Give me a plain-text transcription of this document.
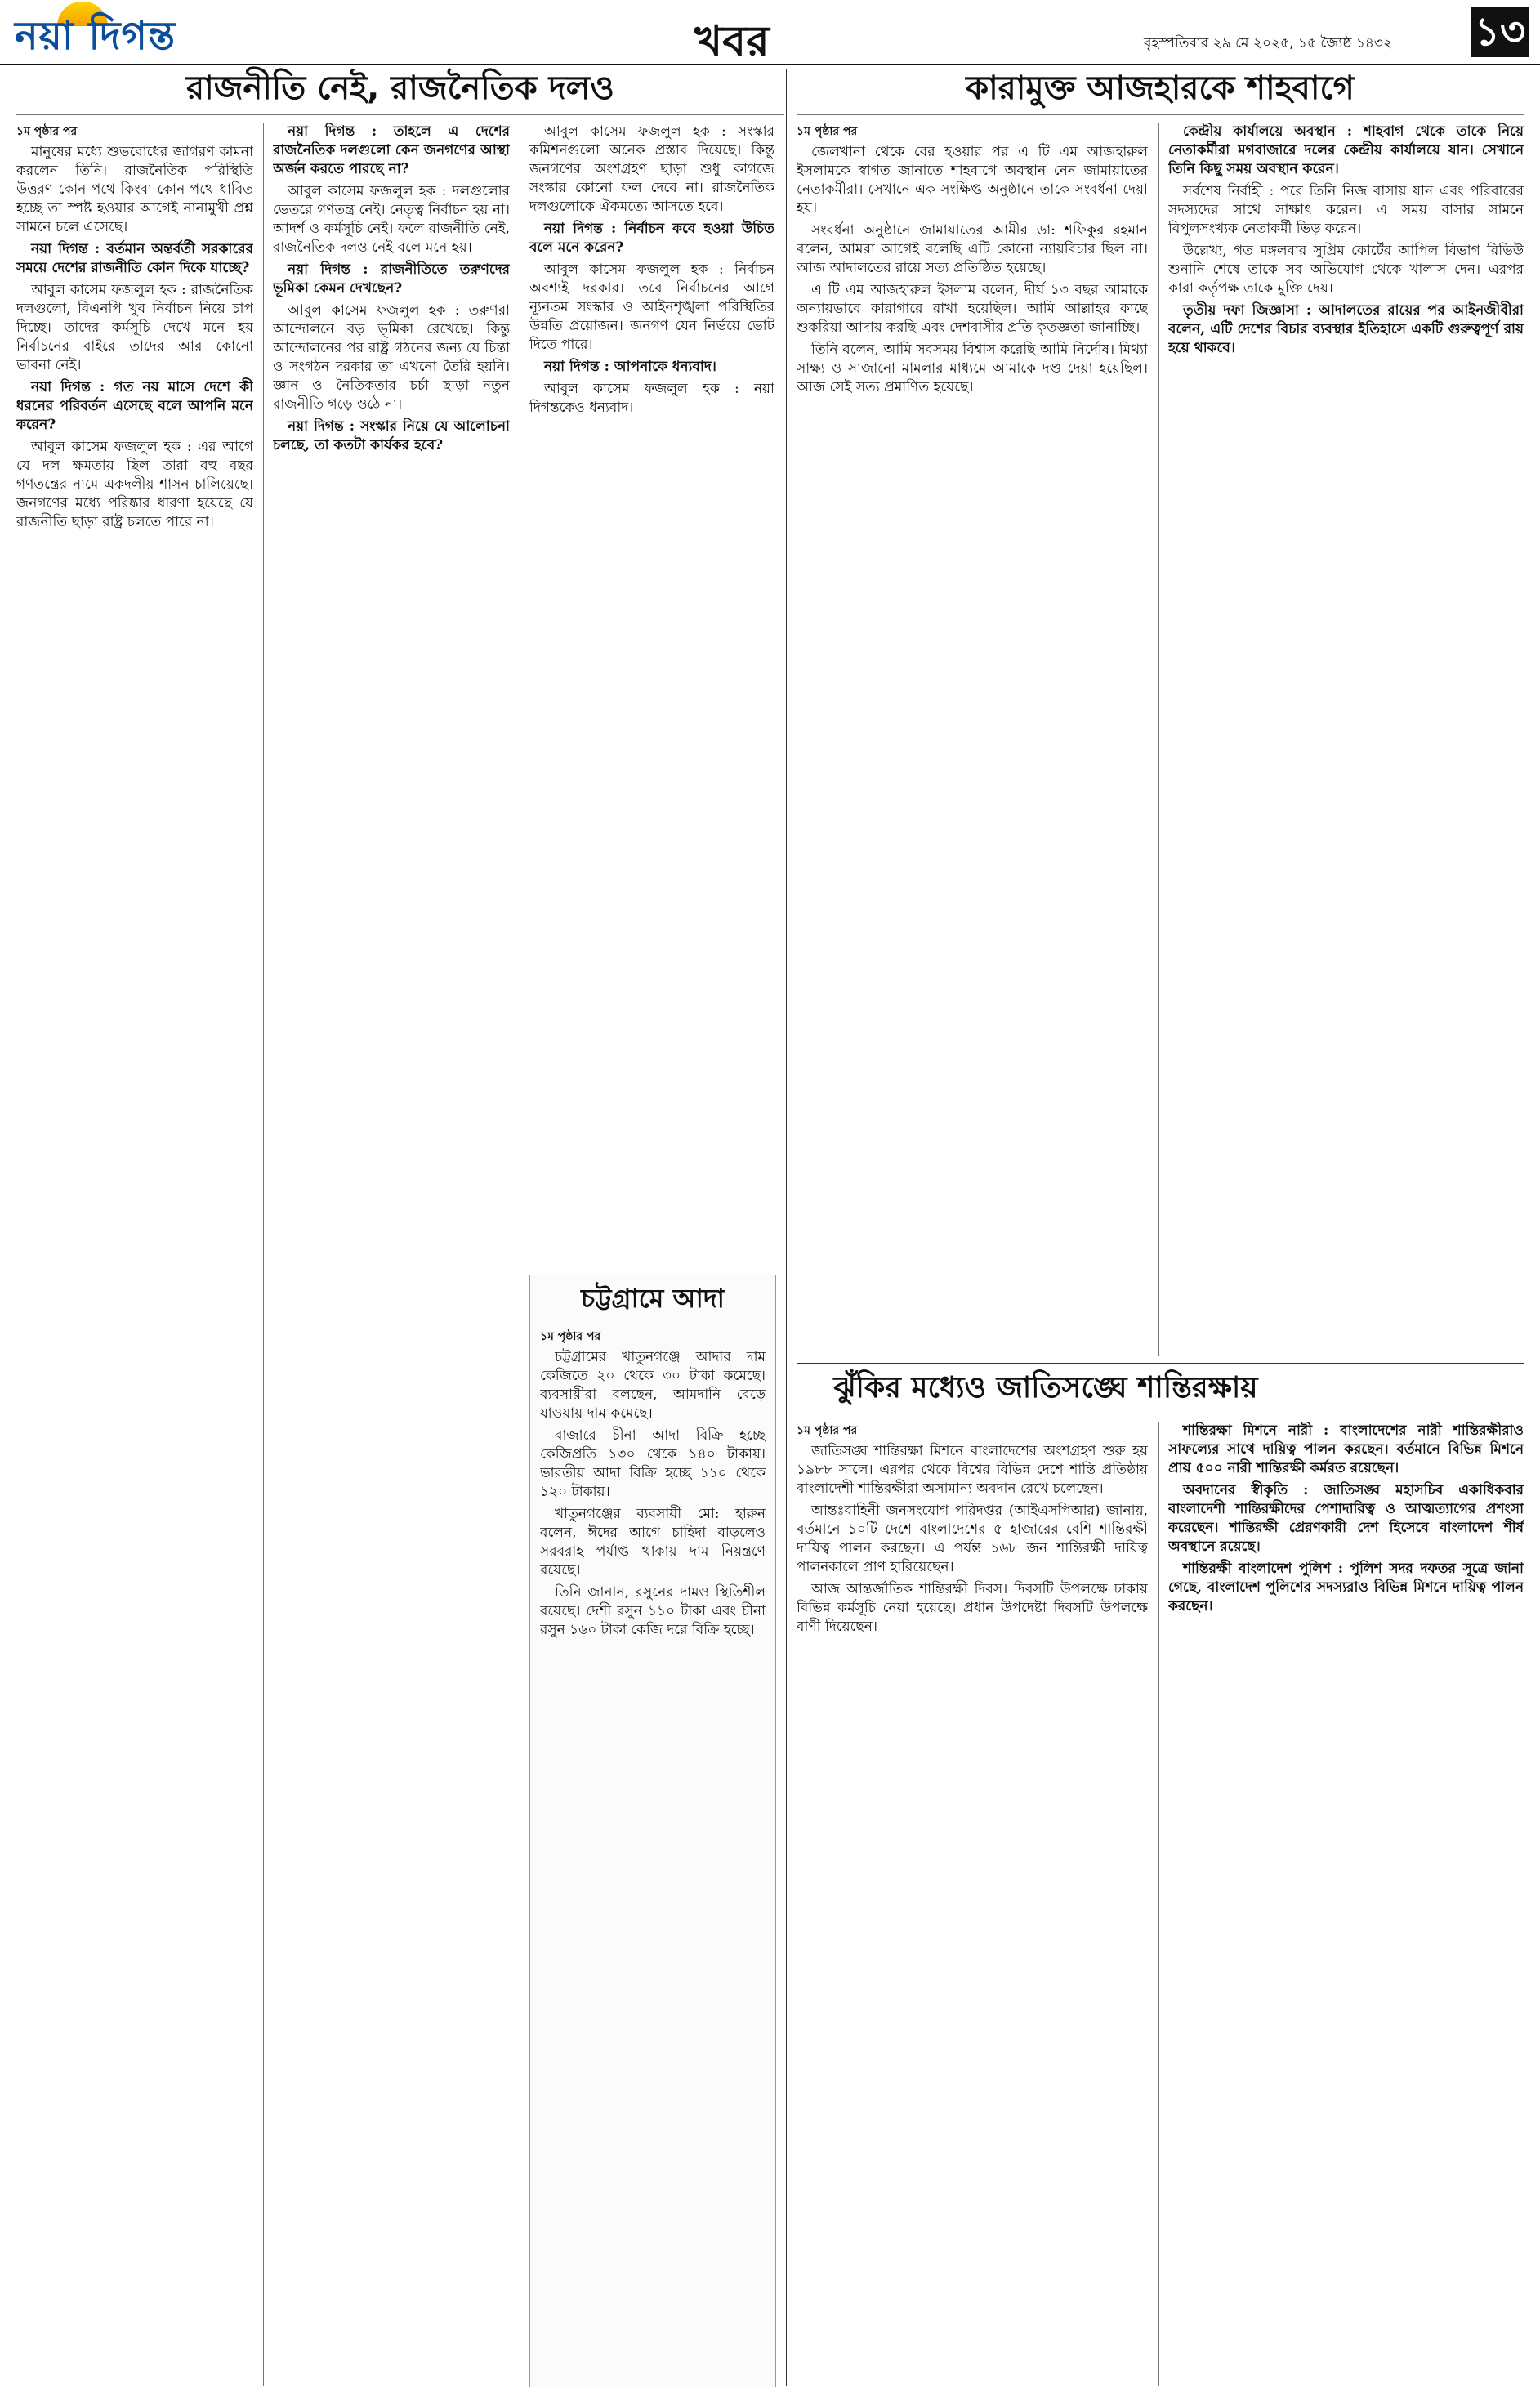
নয়া দিগন্ত	খবর	বৃহস্পতিবার ২৯ মে ২০২৫, ১৫ জ্যৈষ্ঠ ১৪৩২ ১৩
রাজনীতি নেই, রাজনৈতিক দলও
১ম পৃষ্ঠার পর

মানুষের মধ্যে শুভবোধের জাগরণ কামনা করলেন তিনি। রাজনৈতিক পরিস্থিতি উত্তরণ কোন পথে কিংবা কোন পথে ধাবিত হচ্ছে তা স্পষ্ট হওয়ার আগেই নানামুখী প্রশ্ন সামনে চলে এসেছে।

নয়া দিগন্ত : বর্তমান অন্তর্বর্তী সরকারের সময়ে দেশের রাজনীতি কোন দিকে যাচ্ছে?

আবুল কাসেম ফজলুল হক : রাজনৈতিক দলগুলো, বিএনপি খুব নির্বাচন নিয়ে চাপ দিচ্ছে। তাদের কর্মসূচি দেখে মনে হয় নির্বাচনের বাইরে তাদের আর কোনো ভাবনা নেই।

নয়া দিগন্ত : গত নয় মাসে দেশে কী ধরনের পরিবর্তন এসেছে বলে আপনি মনে করেন?

আবুল কাসেম ফজলুল হক : এর আগে যে দল ক্ষমতায় ছিল তারা বহু বছর গণতন্ত্রের নামে একদলীয় শাসন চালিয়েছে। জনগণের মধ্যে পরিষ্কার ধারণা হয়েছে যে রাজনীতি ছাড়া রাষ্ট্র চলতে পারে না।

নয়া দিগন্ত : তাহলে এ দেশের রাজনৈতিক দলগুলো কেন জনগণের আস্থা অর্জন করতে পারছে না?

আবুল কাসেম ফজলুল হক : দলগুলোর ভেতরে গণতন্ত্র নেই। নেতৃত্ব নির্বাচন হয় না। আদর্শ ও কর্মসূচি নেই। ফলে রাজনীতি নেই, রাজনৈতিক দলও নেই বলে মনে হয়।

নয়া দিগন্ত : রাজনীতিতে তরুণদের ভূমিকা কেমন দেখছেন?

আবুল কাসেম ফজলুল হক : তরুণরা আন্দোলনে বড় ভূমিকা রেখেছে। কিন্তু আন্দোলনের পর রাষ্ট্র গঠনের জন্য যে চিন্তা ও সংগঠন দরকার তা এখনো তৈরি হয়নি। জ্ঞান ও নৈতিকতার চর্চা ছাড়া নতুন রাজনীতি গড়ে ওঠে না।

নয়া দিগন্ত : সংস্কার নিয়ে যে আলোচনা চলছে, তা কতটা কার্যকর হবে?

আবুল কাসেম ফজলুল হক : সংস্কার কমিশনগুলো অনেক প্রস্তাব দিয়েছে। কিন্তু জনগণের অংশগ্রহণ ছাড়া শুধু কাগজে সংস্কার কোনো ফল দেবে না। রাজনৈতিক দলগুলোকে ঐকমত্যে আসতে হবে।

নয়া দিগন্ত : নির্বাচন কবে হওয়া উচিত বলে মনে করেন?

আবুল কাসেম ফজলুল হক : নির্বাচন অবশ্যই দরকার। তবে নির্বাচনের আগে ন্যূনতম সংস্কার ও আইনশৃঙ্খলা পরিস্থিতির উন্নতি প্রয়োজন। জনগণ যেন নির্ভয়ে ভোট দিতে পারে।

নয়া দিগন্ত : আপনাকে ধন্যবাদ।

আবুল কাসেম ফজলুল হক : নয়া দিগন্তকেও ধন্যবাদ।

চট্টগ্রামে আদা
১ম পৃষ্ঠার পর

চট্টগ্রামের খাতুনগঞ্জে আদার দাম কেজিতে ২০ থেকে ৩০ টাকা কমেছে। ব্যবসায়ীরা বলছেন, আমদানি বেড়ে যাওয়ায় দাম কমেছে।

বাজারে চীনা আদা বিক্রি হচ্ছে কেজিপ্রতি ১৩০ থেকে ১৪০ টাকায়। ভারতীয় আদা বিক্রি হচ্ছে ১১০ থেকে ১২০ টাকায়।

খাতুনগঞ্জের ব্যবসায়ী মো: হারুন বলেন, ঈদের আগে চাহিদা বাড়লেও সরবরাহ পর্যাপ্ত থাকায় দাম নিয়ন্ত্রণে রয়েছে।

তিনি জানান, রসুনের দামও স্থিতিশীল রয়েছে। দেশী রসুন ১১০ টাকা এবং চীনা রসুন ১৬০ টাকা কেজি দরে বিক্রি হচ্ছে।

কারামুক্ত আজহারকে শাহবাগে
১ম পৃষ্ঠার পর

জেলখানা থেকে বের হওয়ার পর এ টি এম আজহারুল ইসলামকে স্বাগত জানাতে শাহবাগে অবস্থান নেন জামায়াতের নেতাকর্মীরা। সেখানে এক সংক্ষিপ্ত অনুষ্ঠানে তাকে সংবর্ধনা দেয়া হয়।

সংবর্ধনা অনুষ্ঠানে জামায়াতের আমীর ডা: শফিকুর রহমান বলেন, আমরা আগেই বলেছি এটি কোনো ন্যায়বিচার ছিল না। আজ আদালতের রায়ে সত্য প্রতিষ্ঠিত হয়েছে।

এ টি এম আজহারুল ইসলাম বলেন, দীর্ঘ ১৩ বছর আমাকে অন্যায়ভাবে কারাগারে রাখা হয়েছিল। আমি আল্লাহর কাছে শুকরিয়া আদায় করছি এবং দেশবাসীর প্রতি কৃতজ্ঞতা জানাচ্ছি।

তিনি বলেন, আমি সবসময় বিশ্বাস করেছি আমি নির্দোষ। মিথ্যা সাক্ষ্য ও সাজানো মামলার মাধ্যমে আমাকে দণ্ড দেয়া হয়েছিল। আজ সেই সত্য প্রমাণিত হয়েছে।

কেন্দ্রীয় কার্যালয়ে অবস্থান : শাহবাগ থেকে তাকে নিয়ে নেতাকর্মীরা মগবাজারে দলের কেন্দ্রীয় কার্যালয়ে যান। সেখানে তিনি কিছু সময় অবস্থান করেন।

সর্বশেষ নির্বাহী : পরে তিনি নিজ বাসায় যান এবং পরিবারের সদস্যদের সাথে সাক্ষাৎ করেন। এ সময় বাসার সামনে বিপুলসংখ্যক নেতাকর্মী ভিড় করেন।

উল্লেখ্য, গত মঙ্গলবার সুপ্রিম কোর্টের আপিল বিভাগ রিভিউ শুনানি শেষে তাকে সব অভিযোগ থেকে খালাস দেন। এরপর কারা কর্তৃপক্ষ তাকে মুক্তি দেয়।

তৃতীয় দফা জিজ্ঞাসা : আদালতের রায়ের পর আইনজীবীরা বলেন, এটি দেশের বিচার ব্যবস্থার ইতিহাসে একটি গুরুত্বপূর্ণ রায় হয়ে থাকবে।

ঝুঁকির মধ্যেও জাতিসঙ্ঘে শান্তিরক্ষায়
১ম পৃষ্ঠার পর

জাতিসঙ্ঘ শান্তিরক্ষা মিশনে বাংলাদেশের অংশগ্রহণ শুরু হয় ১৯৮৮ সালে। এরপর থেকে বিশ্বের বিভিন্ন দেশে শান্তি প্রতিষ্ঠায় বাংলাদেশী শান্তিরক্ষীরা অসামান্য অবদান রেখে চলেছেন।

আন্তঃবাহিনী জনসংযোগ পরিদপ্তর (আইএসপিআর) জানায়, বর্তমানে ১০টি দেশে বাংলাদেশের ৫ হাজারের বেশি শান্তিরক্ষী দায়িত্ব পালন করছেন। এ পর্যন্ত ১৬৮ জন শান্তিরক্ষী দায়িত্ব পালনকালে প্রাণ হারিয়েছেন।

আজ আন্তর্জাতিক শান্তিরক্ষী দিবস। দিবসটি উপলক্ষে ঢাকায় বিভিন্ন কর্মসূচি নেয়া হয়েছে। প্রধান উপদেষ্টা দিবসটি উপলক্ষে বাণী দিয়েছেন।

শান্তিরক্ষা মিশনে নারী : বাংলাদেশের নারী শান্তিরক্ষীরাও সাফল্যের সাথে দায়িত্ব পালন করছেন। বর্তমানে বিভিন্ন মিশনে প্রায় ৫০০ নারী শান্তিরক্ষী কর্মরত রয়েছেন।

অবদানের স্বীকৃতি : জাতিসঙ্ঘ মহাসচিব একাধিকবার বাংলাদেশী শান্তিরক্ষীদের পেশাদারিত্ব ও আত্মত্যাগের প্রশংসা করেছেন। শান্তিরক্ষী প্রেরণকারী দেশ হিসেবে বাংলাদেশ শীর্ষ অবস্থানে রয়েছে।

শান্তিরক্ষী বাংলাদেশ পুলিশ : পুলিশ সদর দফতর সূত্রে জানা গেছে, বাংলাদেশ পুলিশের সদস্যরাও বিভিন্ন মিশনে দায়িত্ব পালন করছেন।
